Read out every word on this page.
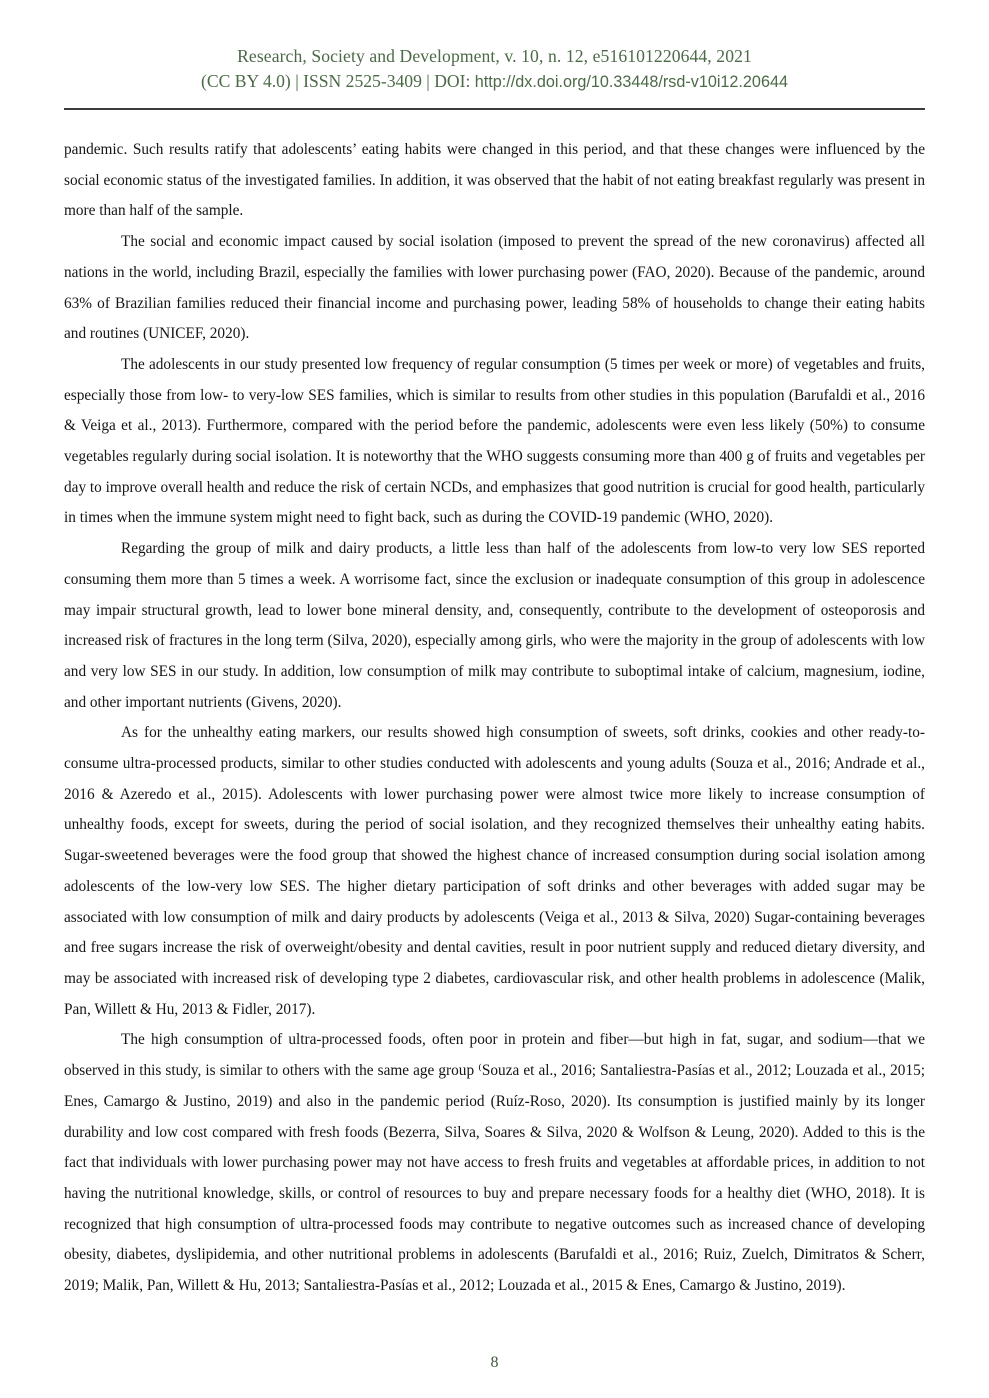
Research, Society and Development, v. 10, n. 12, e516101220644, 2021
(CC BY 4.0) | ISSN 2525-3409 | DOI: http://dx.doi.org/10.33448/rsd-v10i12.20644

pandemic. Such results ratify that adolescents’ eating habits were changed in this period, and that these changes were influenced by the social economic status of the investigated families. In addition, it was observed that the habit of not eating breakfast regularly was present in more than half of the sample.

The social and economic impact caused by social isolation (imposed to prevent the spread of the new coronavirus) affected all nations in the world, including Brazil, especially the families with lower purchasing power (FAO, 2020). Because of the pandemic, around 63% of Brazilian families reduced their financial income and purchasing power, leading 58% of households to change their eating habits and routines (UNICEF, 2020).

The adolescents in our study presented low frequency of regular consumption (5 times per week or more) of vegetables and fruits, especially those from low- to very-low SES families, which is similar to results from other studies in this population (Barufaldi et al., 2016 & Veiga et al., 2013). Furthermore, compared with the period before the pandemic, adolescents were even less likely (50%) to consume vegetables regularly during social isolation. It is noteworthy that the WHO suggests consuming more than 400 g of fruits and vegetables per day to improve overall health and reduce the risk of certain NCDs, and emphasizes that good nutrition is crucial for good health, particularly in times when the immune system might need to fight back, such as during the COVID-19 pandemic (WHO, 2020).

Regarding the group of milk and dairy products, a little less than half of the adolescents from low-to very low SES reported consuming them more than 5 times a week. A worrisome fact, since the exclusion or inadequate consumption of this group in adolescence may impair structural growth, lead to lower bone mineral density, and, consequently, contribute to the development of osteoporosis and increased risk of fractures in the long term (Silva, 2020), especially among girls, who were the majority in the group of adolescents with low and very low SES in our study. In addition, low consumption of milk may contribute to suboptimal intake of calcium, magnesium, iodine, and other important nutrients (Givens, 2020).

As for the unhealthy eating markers, our results showed high consumption of sweets, soft drinks, cookies and other ready-to-consume ultra-processed products, similar to other studies conducted with adolescents and young adults (Souza et al., 2016; Andrade et al., 2016 & Azeredo et al., 2015). Adolescents with lower purchasing power were almost twice more likely to increase consumption of unhealthy foods, except for sweets, during the period of social isolation, and they recognized themselves their unhealthy eating habits. Sugar-sweetened beverages were the food group that showed the highest chance of increased consumption during social isolation among adolescents of the low-very low SES. The higher dietary participation of soft drinks and other beverages with added sugar may be associated with low consumption of milk and dairy products by adolescents (Veiga et al., 2013 & Silva, 2020) Sugar-containing beverages and free sugars increase the risk of overweight/obesity and dental cavities, result in poor nutrient supply and reduced dietary diversity, and may be associated with increased risk of developing type 2 diabetes, cardiovascular risk, and other health problems in adolescence (Malik, Pan, Willett & Hu, 2013 & Fidler, 2017).

The high consumption of ultra-processed foods, often poor in protein and fiber—but high in fat, sugar, and sodium—that we observed in this study, is similar to others with the same age group ⁽Souza et al., 2016; Santaliestra-Pasías et al., 2012; Louzada et al., 2015; Enes, Camargo & Justino, 2019) and also in the pandemic period (Ruíz-Roso, 2020). Its consumption is justified mainly by its longer durability and low cost compared with fresh foods (Bezerra, Silva, Soares & Silva, 2020 & Wolfson & Leung, 2020). Added to this is the fact that individuals with lower purchasing power may not have access to fresh fruits and vegetables at affordable prices, in addition to not having the nutritional knowledge, skills, or control of resources to buy and prepare necessary foods for a healthy diet (WHO, 2018). It is recognized that high consumption of ultra-processed foods may contribute to negative outcomes such as increased chance of developing obesity, diabetes, dyslipidemia, and other nutritional problems in adolescents (Barufaldi et al., 2016; Ruiz, Zuelch, Dimitratos & Scherr, 2019; Malik, Pan, Willett & Hu, 2013; Santaliestra-Pasías et al., 2012; Louzada et al., 2015 & Enes, Camargo & Justino, 2019).

8
